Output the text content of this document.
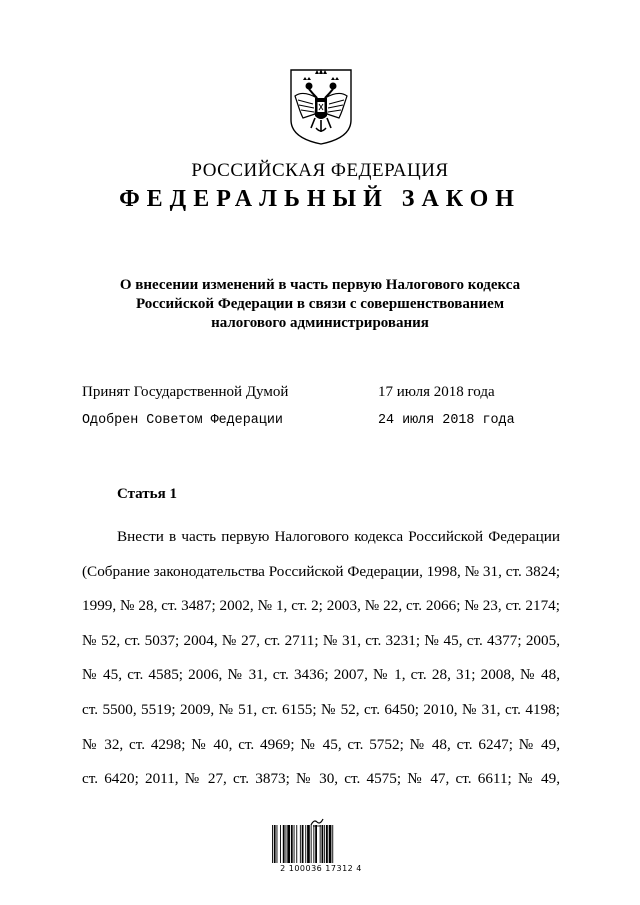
РОССИЙСКАЯ ФЕДЕРАЦИЯ
ФЕДЕРАЛЬНЫЙ ЗАКОН
О внесении изменений в часть первую Налогового кодекса
Российской Федерации в связи с совершенствованием
налогового администрирования
Принят Государственной Думой	17 июля 2018 года
Одобрен Советом Федерации	24 июля 2018 года
Статья 1
Внести в часть первую Налогового кодекса Российской Федерации
(Собрание законодательства Российской Федерации, 1998, № 31, ст. 3824;
1999, № 28, ст. 3487; 2002, № 1, ст. 2; 2003, № 22, ст. 2066; № 23, ст. 2174;
№ 52, ст. 5037; 2004, № 27, ст. 2711; № 31, ст. 3231; № 45, ст. 4377; 2005,
№ 45, ст. 4585; 2006, № 31, ст. 3436; 2007, № 1, ст. 28, 31; 2008, № 48,
ст. 5500, 5519; 2009, № 51, ст. 6155; № 52, ст. 6450; 2010, № 31, ст. 4198;
№ 32, ст. 4298; № 40, ст. 4969; № 45, ст. 5752; № 48, ст. 6247; № 49,
ст. 6420; 2011, № 27, ст. 3873; № 30, ст. 4575; № 47, ст. 6611; № 49,
2 100036 17312 4
